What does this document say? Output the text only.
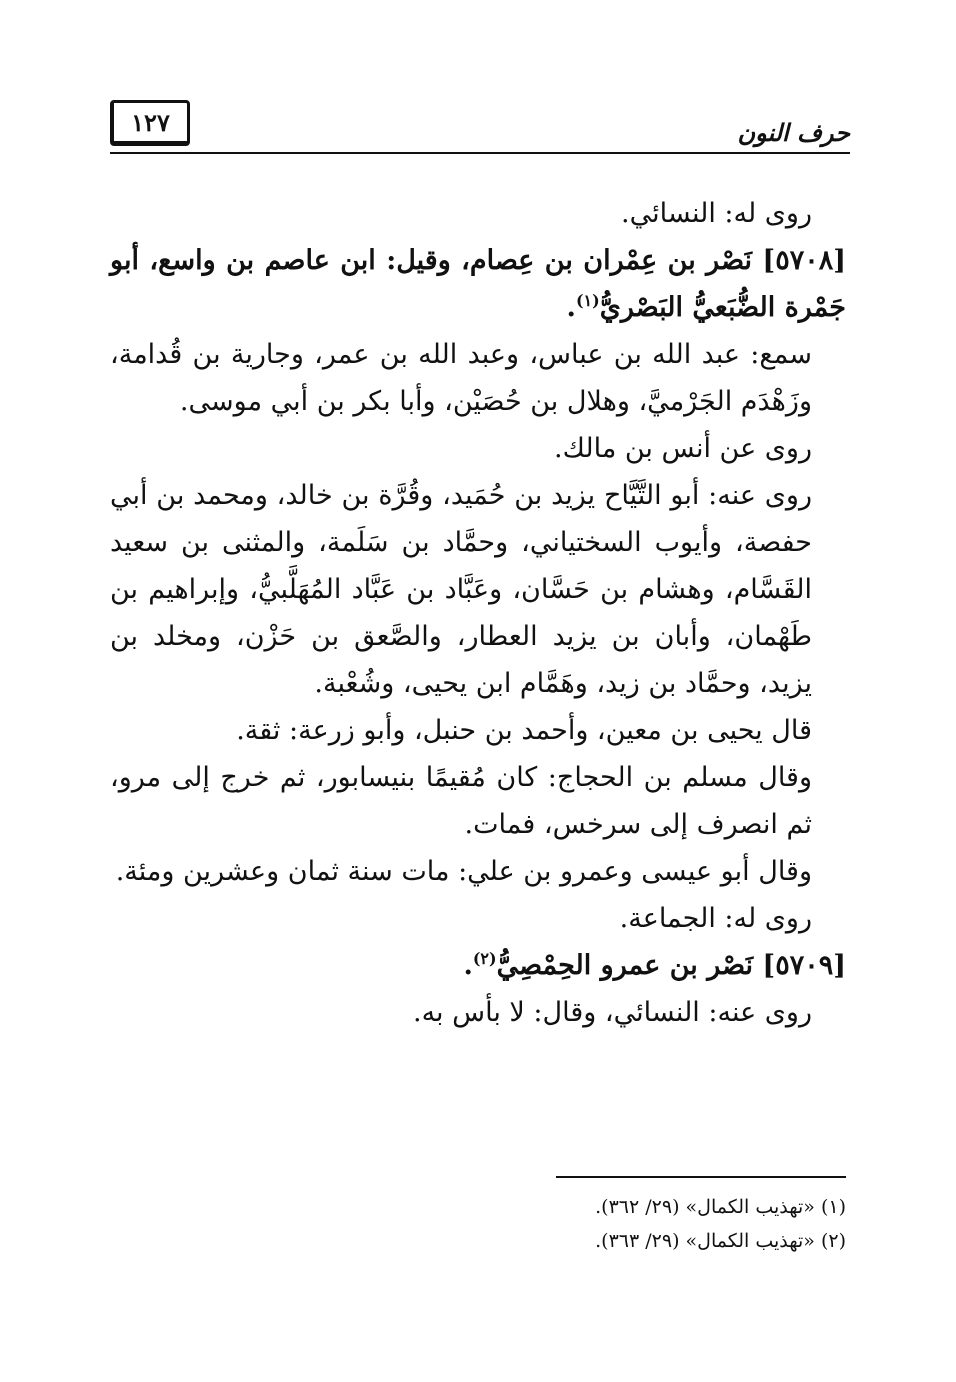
١٢٧	حرف النون

روى له: النسائي.

[٥٧٠٨] نَصْر بن عِمْران بن عِصام، وقيل: ابن عاصم بن واسع، أبو جَمْرة الضُّبَعيُّ البَصْريُّ$^{(١)}$.

سمع: عبد الله بن عباس، وعبد الله بن عمر، وجارية بن قُدامة، وزَهْدَم الجَرْميَّ، وهلال بن حُصَيْن، وأبا بكر بن أبي موسى.

روى عن أنس بن مالك.

روى عنه: أبو التَّيَّاح يزيد بن حُمَيد، وقُرَّة بن خالد، ومحمد بن أبي حفصة، وأيوب السختياني، وحمَّاد بن سَلَمة، والمثنى بن سعيد القَسَّام، وهشام بن حَسَّان، وعَبَّاد بن عَبَّاد المُهَلَّبيُّ، وإبراهيم بن طَهْمان، وأبان بن يزيد العطار، والصَّعق بن حَزْن، ومخلد بن يزيد، وحمَّاد بن زيد، وهَمَّام ابن يحيى، وشُعْبة.

قال يحيى بن معين، وأحمد بن حنبل، وأبو زرعة: ثقة.

وقال مسلم بن الحجاج: كان مُقيمًا بنيسابور، ثم خرج إلى مرو، ثم انصرف إلى سرخس، فمات.

وقال أبو عيسى وعمرو بن علي: مات سنة ثمان وعشرين ومئة.

روى له: الجماعة.

[٥٧٠٩] نَصْر بن عمرو الحِمْصِيُّ$^{(٢)}$.

روى عنه: النسائي، وقال: لا بأس به.

(١) «تهذيب الكمال» (٢٩/ ٣٦٢).

(٢) «تهذيب الكمال» (٢٩/ ٣٦٣).
